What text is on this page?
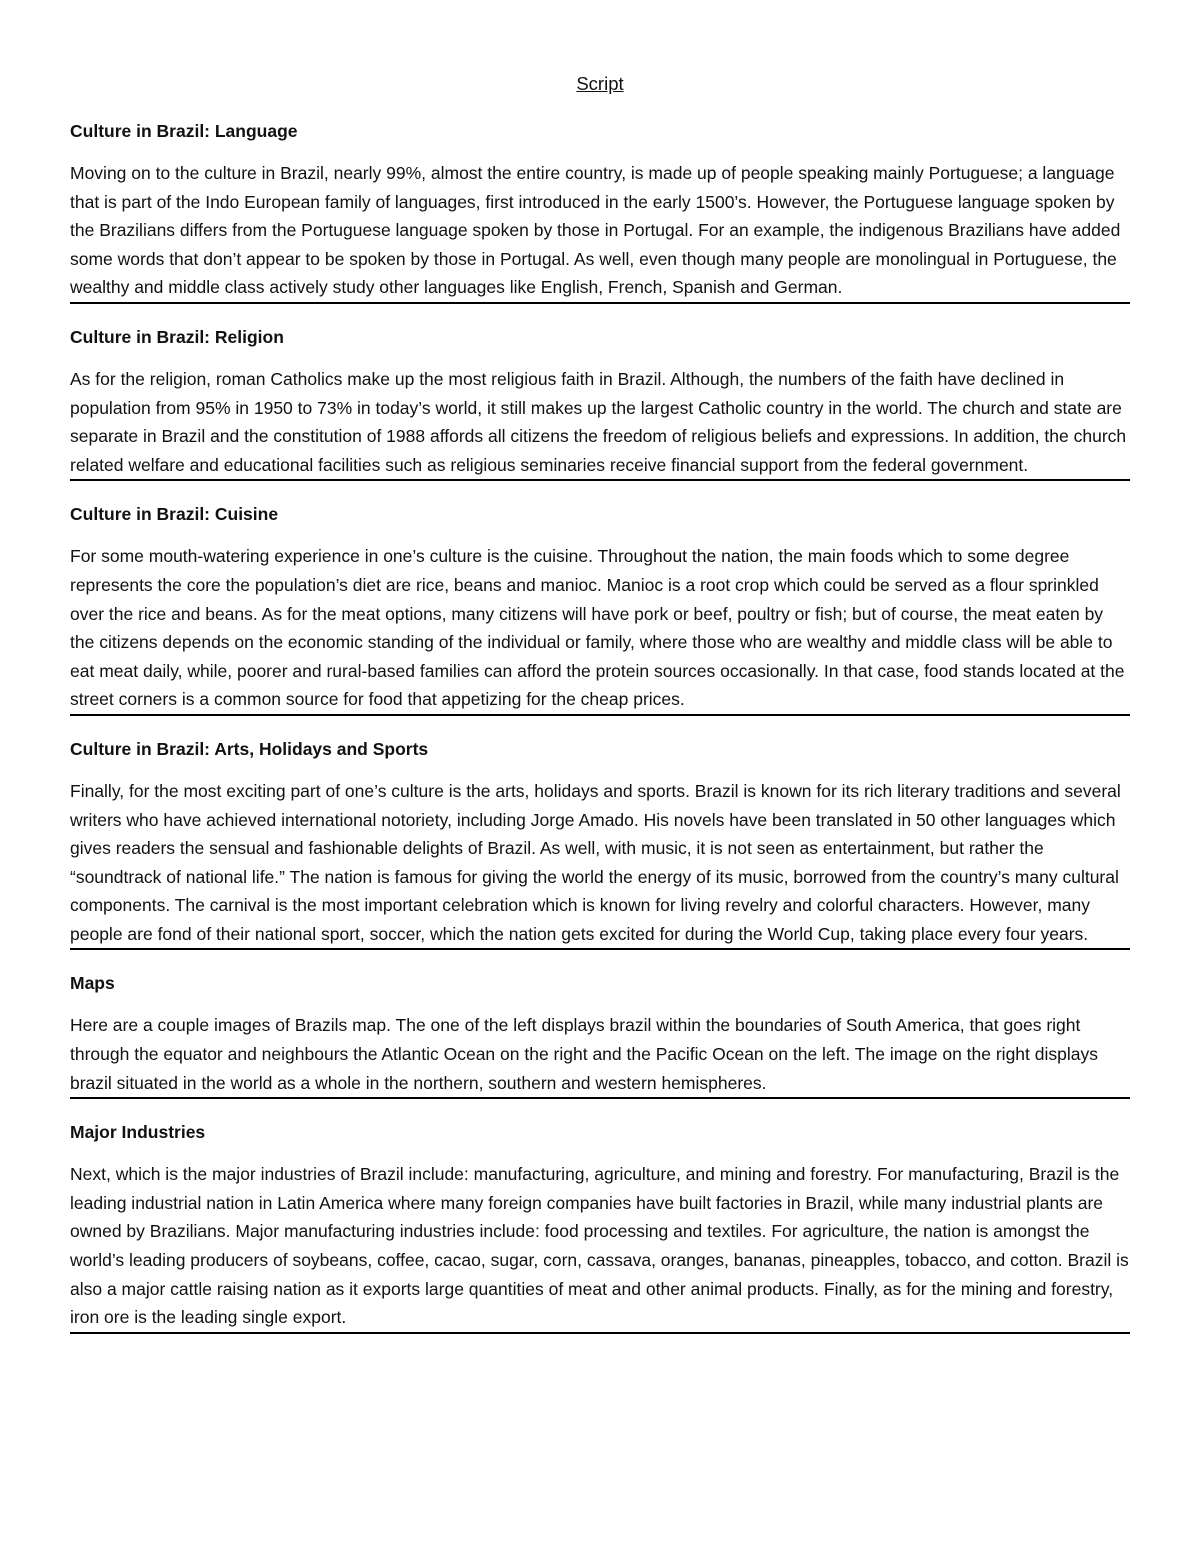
Script
Culture in Brazil: Language

Moving on to the culture in Brazil, nearly 99%, almost the entire country, is made up of people speaking mainly Portuguese; a language that is part of the Indo European family of languages, first introduced in the early 1500’s. However, the Portuguese language spoken by the Brazilians differs from the Portuguese language spoken by those in Portugal. For an example, the indigenous Brazilians have added some words that don’t appear to be spoken by those in Portugal. As well, even though many people are monolingual in Portuguese, the wealthy and middle class actively study other languages like English, French, Spanish and German.

Culture in Brazil: Religion

As for the religion, roman Catholics make up the most religious faith in Brazil. Although, the numbers of the faith have declined in population from 95% in 1950 to 73% in today’s world, it still makes up the largest Catholic country in the world. The church and state are separate in Brazil and the constitution of 1988 affords all citizens the freedom of religious beliefs and expressions. In addition, the church related welfare and educational facilities such as religious seminaries receive financial support from the federal government.

Culture in Brazil: Cuisine

For some mouth-watering experience in one’s culture is the cuisine. Throughout the nation, the main foods which to some degree represents the core the population’s diet are rice, beans and manioc. Manioc is a root crop which could be served as a flour sprinkled over the rice and beans. As for the meat options, many citizens will have pork or beef, poultry or fish; but of course, the meat eaten by the citizens depends on the economic standing of the individual or family, where those who are wealthy and middle class will be able to eat meat daily, while, poorer and rural-based families can afford the protein sources occasionally. In that case, food stands located at the street corners is a common source for food that appetizing for the cheap prices.

Culture in Brazil: Arts, Holidays and Sports

Finally, for the most exciting part of one’s culture is the arts, holidays and sports. Brazil is known for its rich literary traditions and several writers who have achieved international notoriety, including Jorge Amado. His novels have been translated in 50 other languages which gives readers the sensual and fashionable delights of Brazil. As well, with music, it is not seen as entertainment, but rather the “soundtrack of national life.” The nation is famous for giving the world the energy of its music, borrowed from the country’s many cultural components. The carnival is the most important celebration which is known for living revelry and colorful characters. However, many people are fond of their national sport, soccer, which the nation gets excited for during the World Cup, taking place every four years.

Maps

Here are a couple images of Brazils map. The one of the left displays brazil within the boundaries of South America, that goes right through the equator and neighbours the Atlantic Ocean on the right and the Pacific Ocean on the left. The image on the right displays brazil situated in the world as a whole in the northern, southern and western hemispheres.

Major Industries

Next, which is the major industries of Brazil include: manufacturing, agriculture, and mining and forestry. For manufacturing, Brazil is the leading industrial nation in Latin America where many foreign companies have built factories in Brazil, while many industrial plants are owned by Brazilians. Major manufacturing industries include: food processing and textiles. For agriculture, the nation is amongst the world’s leading producers of soybeans, coffee, cacao, sugar, corn, cassava, oranges, bananas, pineapples, tobacco, and cotton. Brazil is also a major cattle raising nation as it exports large quantities of meat and other animal products. Finally, as for the mining and forestry, iron ore is the leading single export.
